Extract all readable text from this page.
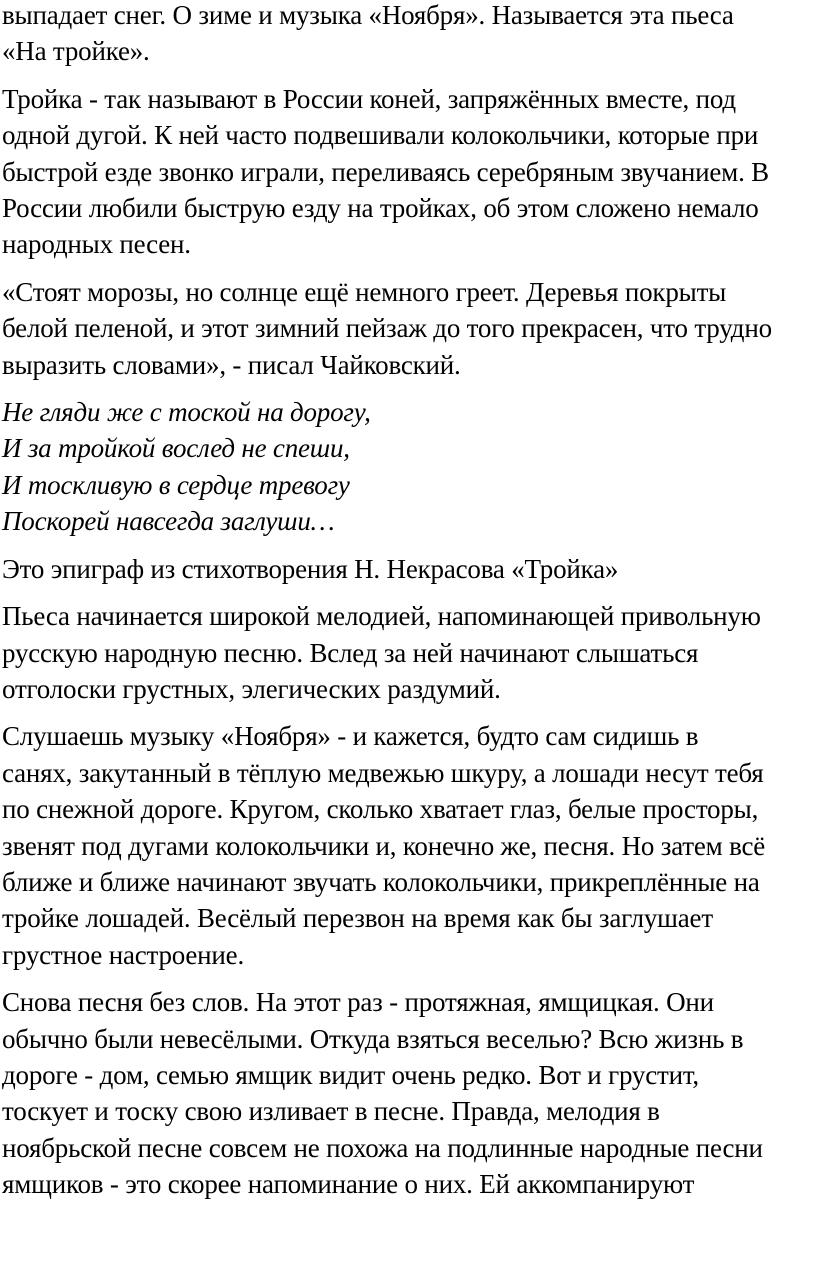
выпадает снег. О зиме и музыка «Ноября». Называется эта пьеса
«На тройке».

Тройка - так называют в России коней, запряжённых вместе, под
одной дугой. К ней часто подвешивали колокольчики, которые при
быстрой езде звонко играли, переливаясь серебряным звучанием. В
России любили быструю езду на тройках, об этом сложено немало
народных песен.

«Стоят морозы, но солнце ещё немного греет. Деревья покрыты
белой пеленой, и этот зимний пейзаж до того прекрасен, что трудно
выразить словами», - писал Чайковский.

Не гляди же с тоской на дорогу,
И за тройкой вослед не спеши,
И тоскливую в сердце тревогу
Поскорей навсегда заглуши…

Это эпиграф из стихотворения Н. Некрасова «Тройка»

Пьеса начинается широкой мелодией, напоминающей привольную
русскую народную песню. Вслед за ней начинают слышаться
отголоски грустных, элегических раздумий.

Слушаешь музыку «Ноября» - и кажется, будто сам сидишь в
санях, закутанный в тёплую медвежью шкуру, а лошади несут тебя
по снежной дороге. Кругом, сколько хватает глаз, белые просторы,
звенят под дугами колокольчики и, конечно же, песня. Но затем всё
ближе и ближе начинают звучать колокольчики, прикреплённые на
тройке лошадей. Весёлый перезвон на время как бы заглушает
грустное настроение.

Снова песня без слов. На этот раз - протяжная, ямщицкая. Они
обычно были невесёлыми. Откуда взяться веселью? Всю жизнь в
дороге - дом, семью ямщик видит очень редко. Вот и грустит,
тоскует и тоску свою изливает в песне. Правда, мелодия в
ноябрьской песне совсем не похожа на подлинные народные песни
ямщиков - это скорее напоминание о них. Ей аккомпанируют
